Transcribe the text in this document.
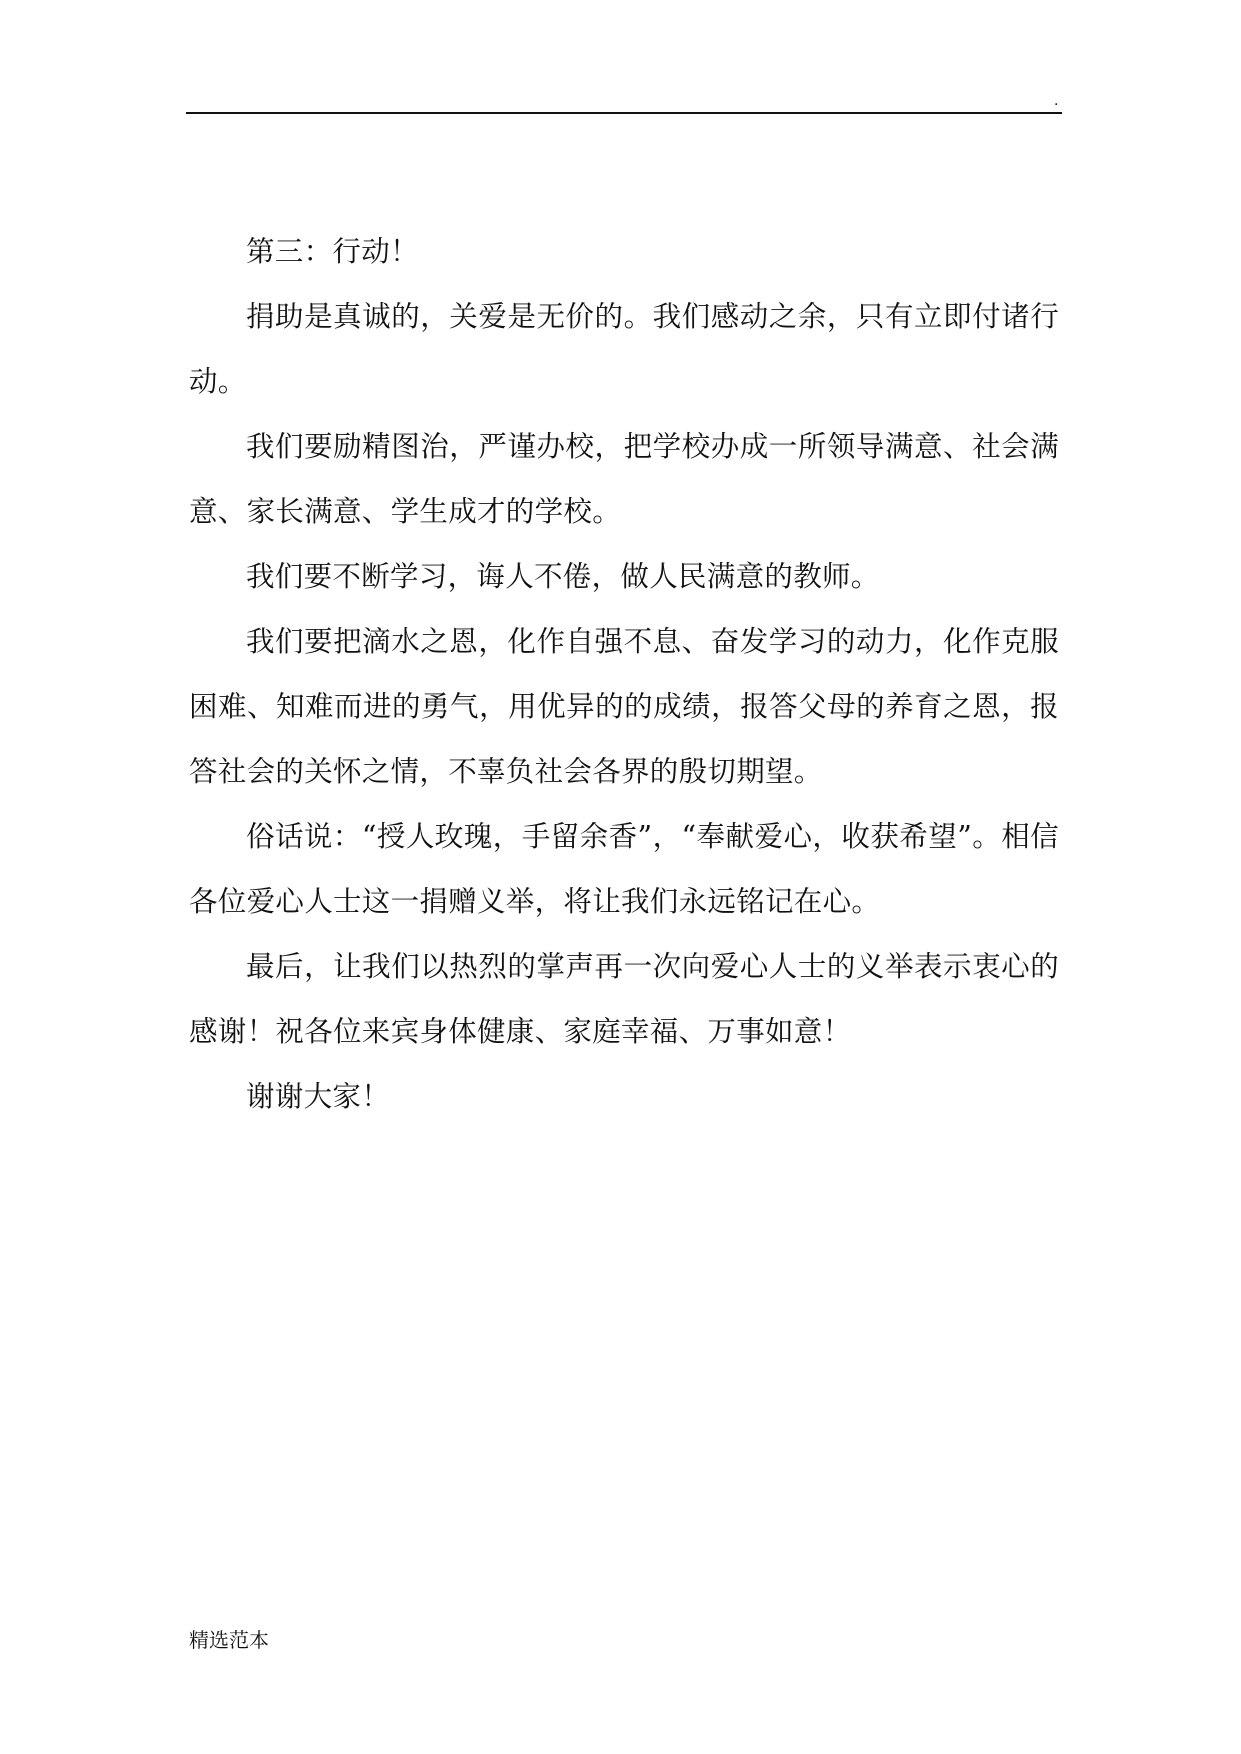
.

第三：行动！

捐助是真诚的，关爱是无价的。我们感动之余，只有立即付诸行动。

我们要励精图治，严谨办校，把学校办成一所领导满意、社会满意、家长满意、学生成才的学校。

我们要不断学习，诲人不倦，做人民满意的教师。

我们要把滴水之恩，化作自强不息、奋发学习的动力，化作克服困难、知难而进的勇气，用优异的的成绩，报答父母的养育之恩，报答社会的关怀之情，不辜负社会各界的殷切期望。

俗话说：“授人玫瑰，手留余香”，“奉献爱心，收获希望”。相信各位爱心人士这一捐赠义举，将让我们永远铭记在心。

最后，让我们以热烈的掌声再一次向爱心人士的义举表示衷心的感谢！祝各位来宾身体健康、家庭幸福、万事如意！

谢谢大家！

精选范本
